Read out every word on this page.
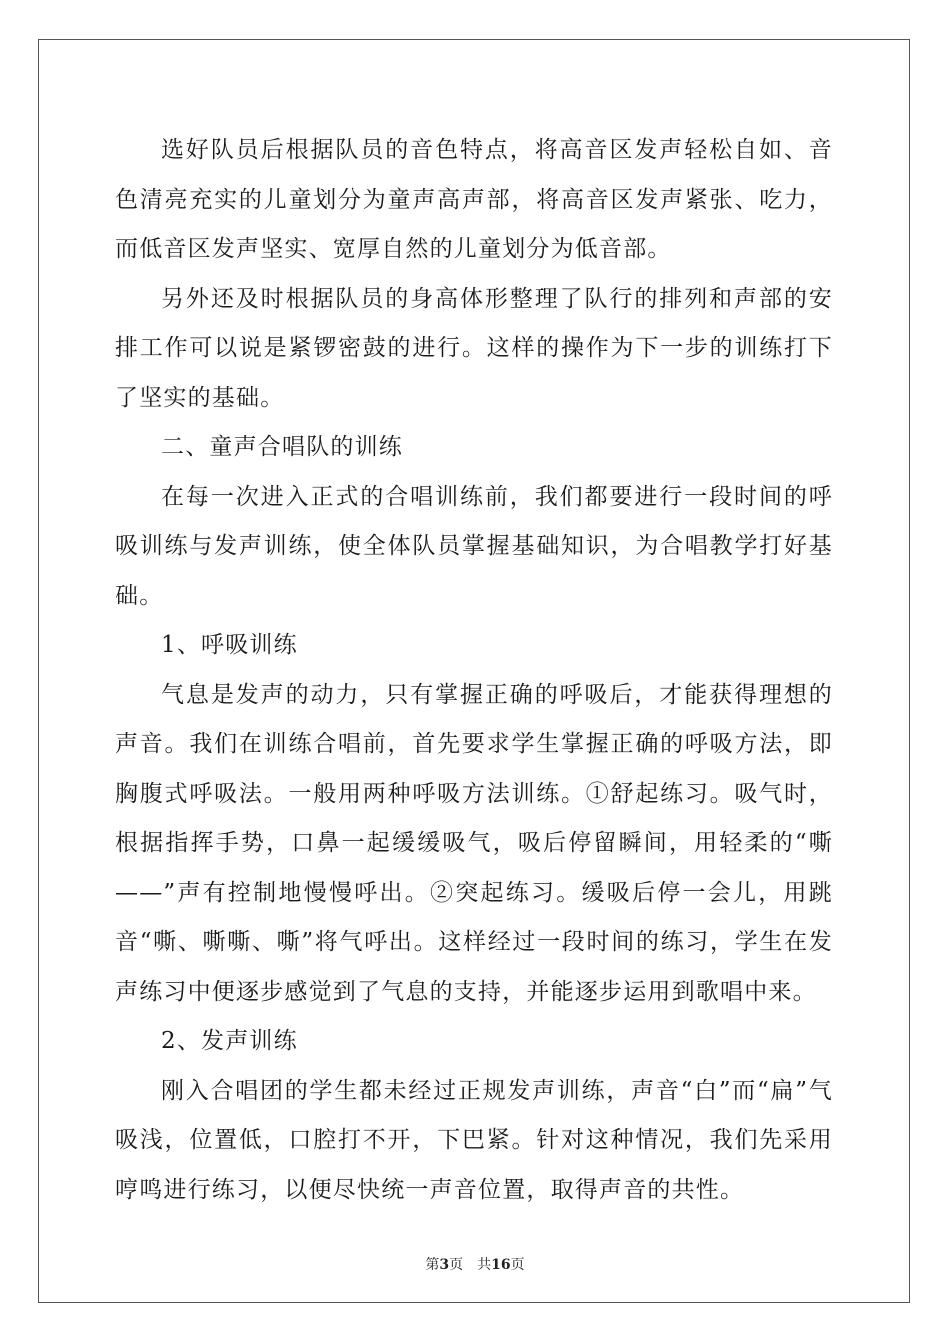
选好队员后根据队员的音色特点，将高音区发声轻松自如、音色清亮充实的儿童划分为童声高声部，将高音区发声紧张、吃力，而低音区发声坚实、宽厚自然的儿童划分为低音部。

另外还及时根据队员的身高体形整理了队行的排列和声部的安排工作可以说是紧锣密鼓的进行。这样的操作为下一步的训练打下了坚实的基础。

二、童声合唱队的训练

在每一次进入正式的合唱训练前，我们都要进行一段时间的呼吸训练与发声训练，使全体队员掌握基础知识，为合唱教学打好基础。

1、呼吸训练

气息是发声的动力，只有掌握正确的呼吸后，才能获得理想的声音。我们在训练合唱前，首先要求学生掌握正确的呼吸方法，即胸腹式呼吸法。一般用两种呼吸方法训练。①舒起练习。吸气时，根据指挥手势，口鼻一起缓缓吸气，吸后停留瞬间，用轻柔的“嘶——”声有控制地慢慢呼出。②突起练习。缓吸后停一会儿，用跳音“嘶、嘶嘶、嘶”将气呼出。这样经过一段时间的练习，学生在发声练习中便逐步感觉到了气息的支持，并能逐步运用到歌唱中来。

2、发声训练

刚入合唱团的学生都未经过正规发声训练，声音“白”而“扁”气吸浅，位置低，口腔打不开，下巴紧。针对这种情况，我们先采用哼鸣进行练习，以便尽快统一声音位置，取得声音的共性。

第3页　共16页
